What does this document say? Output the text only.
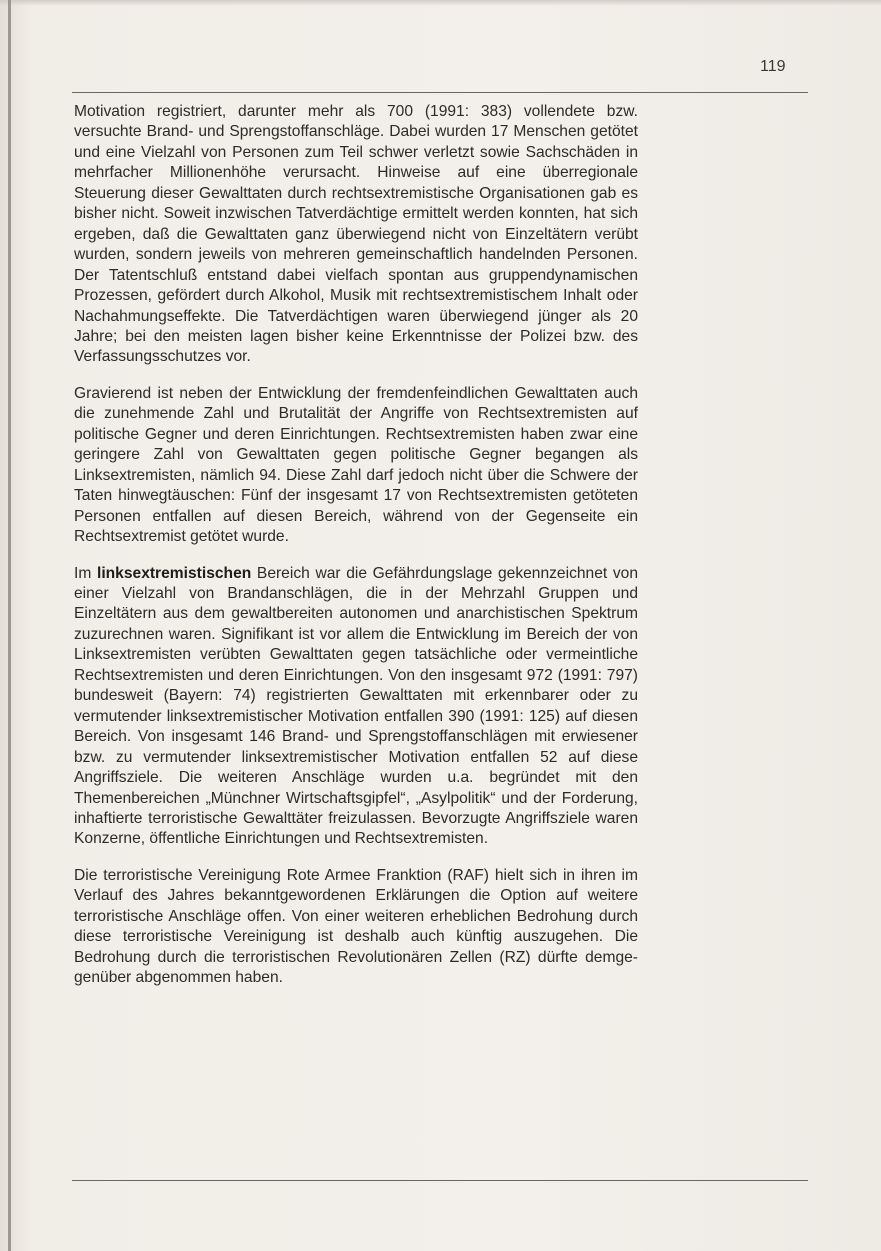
119

Motivation registriert, darunter mehr als 700 (1991: 383) vollendete bzw. versuchte Brand- und Sprengstoffanschläge. Dabei wurden 17 Menschen getötet und eine Vielzahl von Personen zum Teil schwer verletzt sowie Sachschäden in mehrfacher Millionenhöhe verursacht. Hinweise auf eine überregionale Steuerung dieser Gewalttaten durch rechtsextremistische Organisationen gab es bisher nicht. Soweit inzwischen Tatverdächtige ermittelt werden konnten, hat sich ergeben, daß die Gewalttaten ganz überwiegend nicht von Einzeltätern verübt wurden, sondern jeweils von mehreren gemeinschaftlich handelnden Personen. Der Tatentschluß entstand dabei vielfach spontan aus gruppendynamischen Prozessen, gefördert durch Alkohol, Musik mit rechtsextremistischem Inhalt oder Nachahmungseffekte. Die Tatverdächtigen waren überwiegend jünger als 20 Jahre; bei den meisten lagen bisher keine Erkenntnisse der Polizei bzw. des Verfassungsschutzes vor.

Gravierend ist neben der Entwicklung der fremdenfeindlichen Gewalttaten auch die zunehmende Zahl und Brutalität der Angriffe von Rechtsextremisten auf politische Gegner und deren Einrichtungen. Rechtsextremisten haben zwar eine geringere Zahl von Gewalttaten gegen politische Gegner begangen als Linksextremisten, nämlich 94. Diese Zahl darf jedoch nicht über die Schwere der Taten hinwegtäuschen: Fünf der insgesamt 17 von Rechtsextremisten getöteten Personen entfallen auf diesen Bereich, während von der Gegenseite ein Rechtsextremist getötet wurde.

Im linksextremistischen Bereich war die Gefährdungslage gekennzeichnet von einer Vielzahl von Brandanschlägen, die in der Mehrzahl Gruppen und Einzeltätern aus dem gewaltbereiten autonomen und anarchistischen Spektrum zuzurechnen waren. Signifikant ist vor allem die Entwicklung im Bereich der von Linksextremisten verübten Gewalttaten gegen tatsächliche oder vermeintliche Rechtsextremisten und deren Einrichtungen. Von den insgesamt 972 (1991: 797) bundesweit (Bayern: 74) registrierten Gewalttaten mit erkennbarer oder zu vermutender linksextremistischer Motivation entfallen 390 (1991: 125) auf diesen Bereich. Von insgesamt 146 Brand- und Sprengstoffanschlägen mit erwiesener bzw. zu vermutender linksextremistischer Motivation entfallen 52 auf diese Angriffsziele. Die weiteren Anschläge wurden u.a. begründet mit den Themenbereichen „Münchner Wirtschaftsgipfel“, „Asylpolitik“ und der Forderung, inhaftierte terroristische Gewalttäter freizulassen. Bevorzugte Angriffsziele waren Konzerne, öffentliche Einrichtungen und Rechtsextremisten.

Die terroristische Vereinigung Rote Armee Franktion (RAF) hielt sich in ihren im Verlauf des Jahres bekanntgewordenen Erklärungen die Option auf weitere terroristische Anschläge offen. Von einer weiteren erheblichen Bedrohung durch diese terroristische Vereinigung ist deshalb auch künftig auszugehen. Die Bedrohung durch die terroristischen Revolutionären Zellen (RZ) dürfte demgegenüber abgenommen haben.
